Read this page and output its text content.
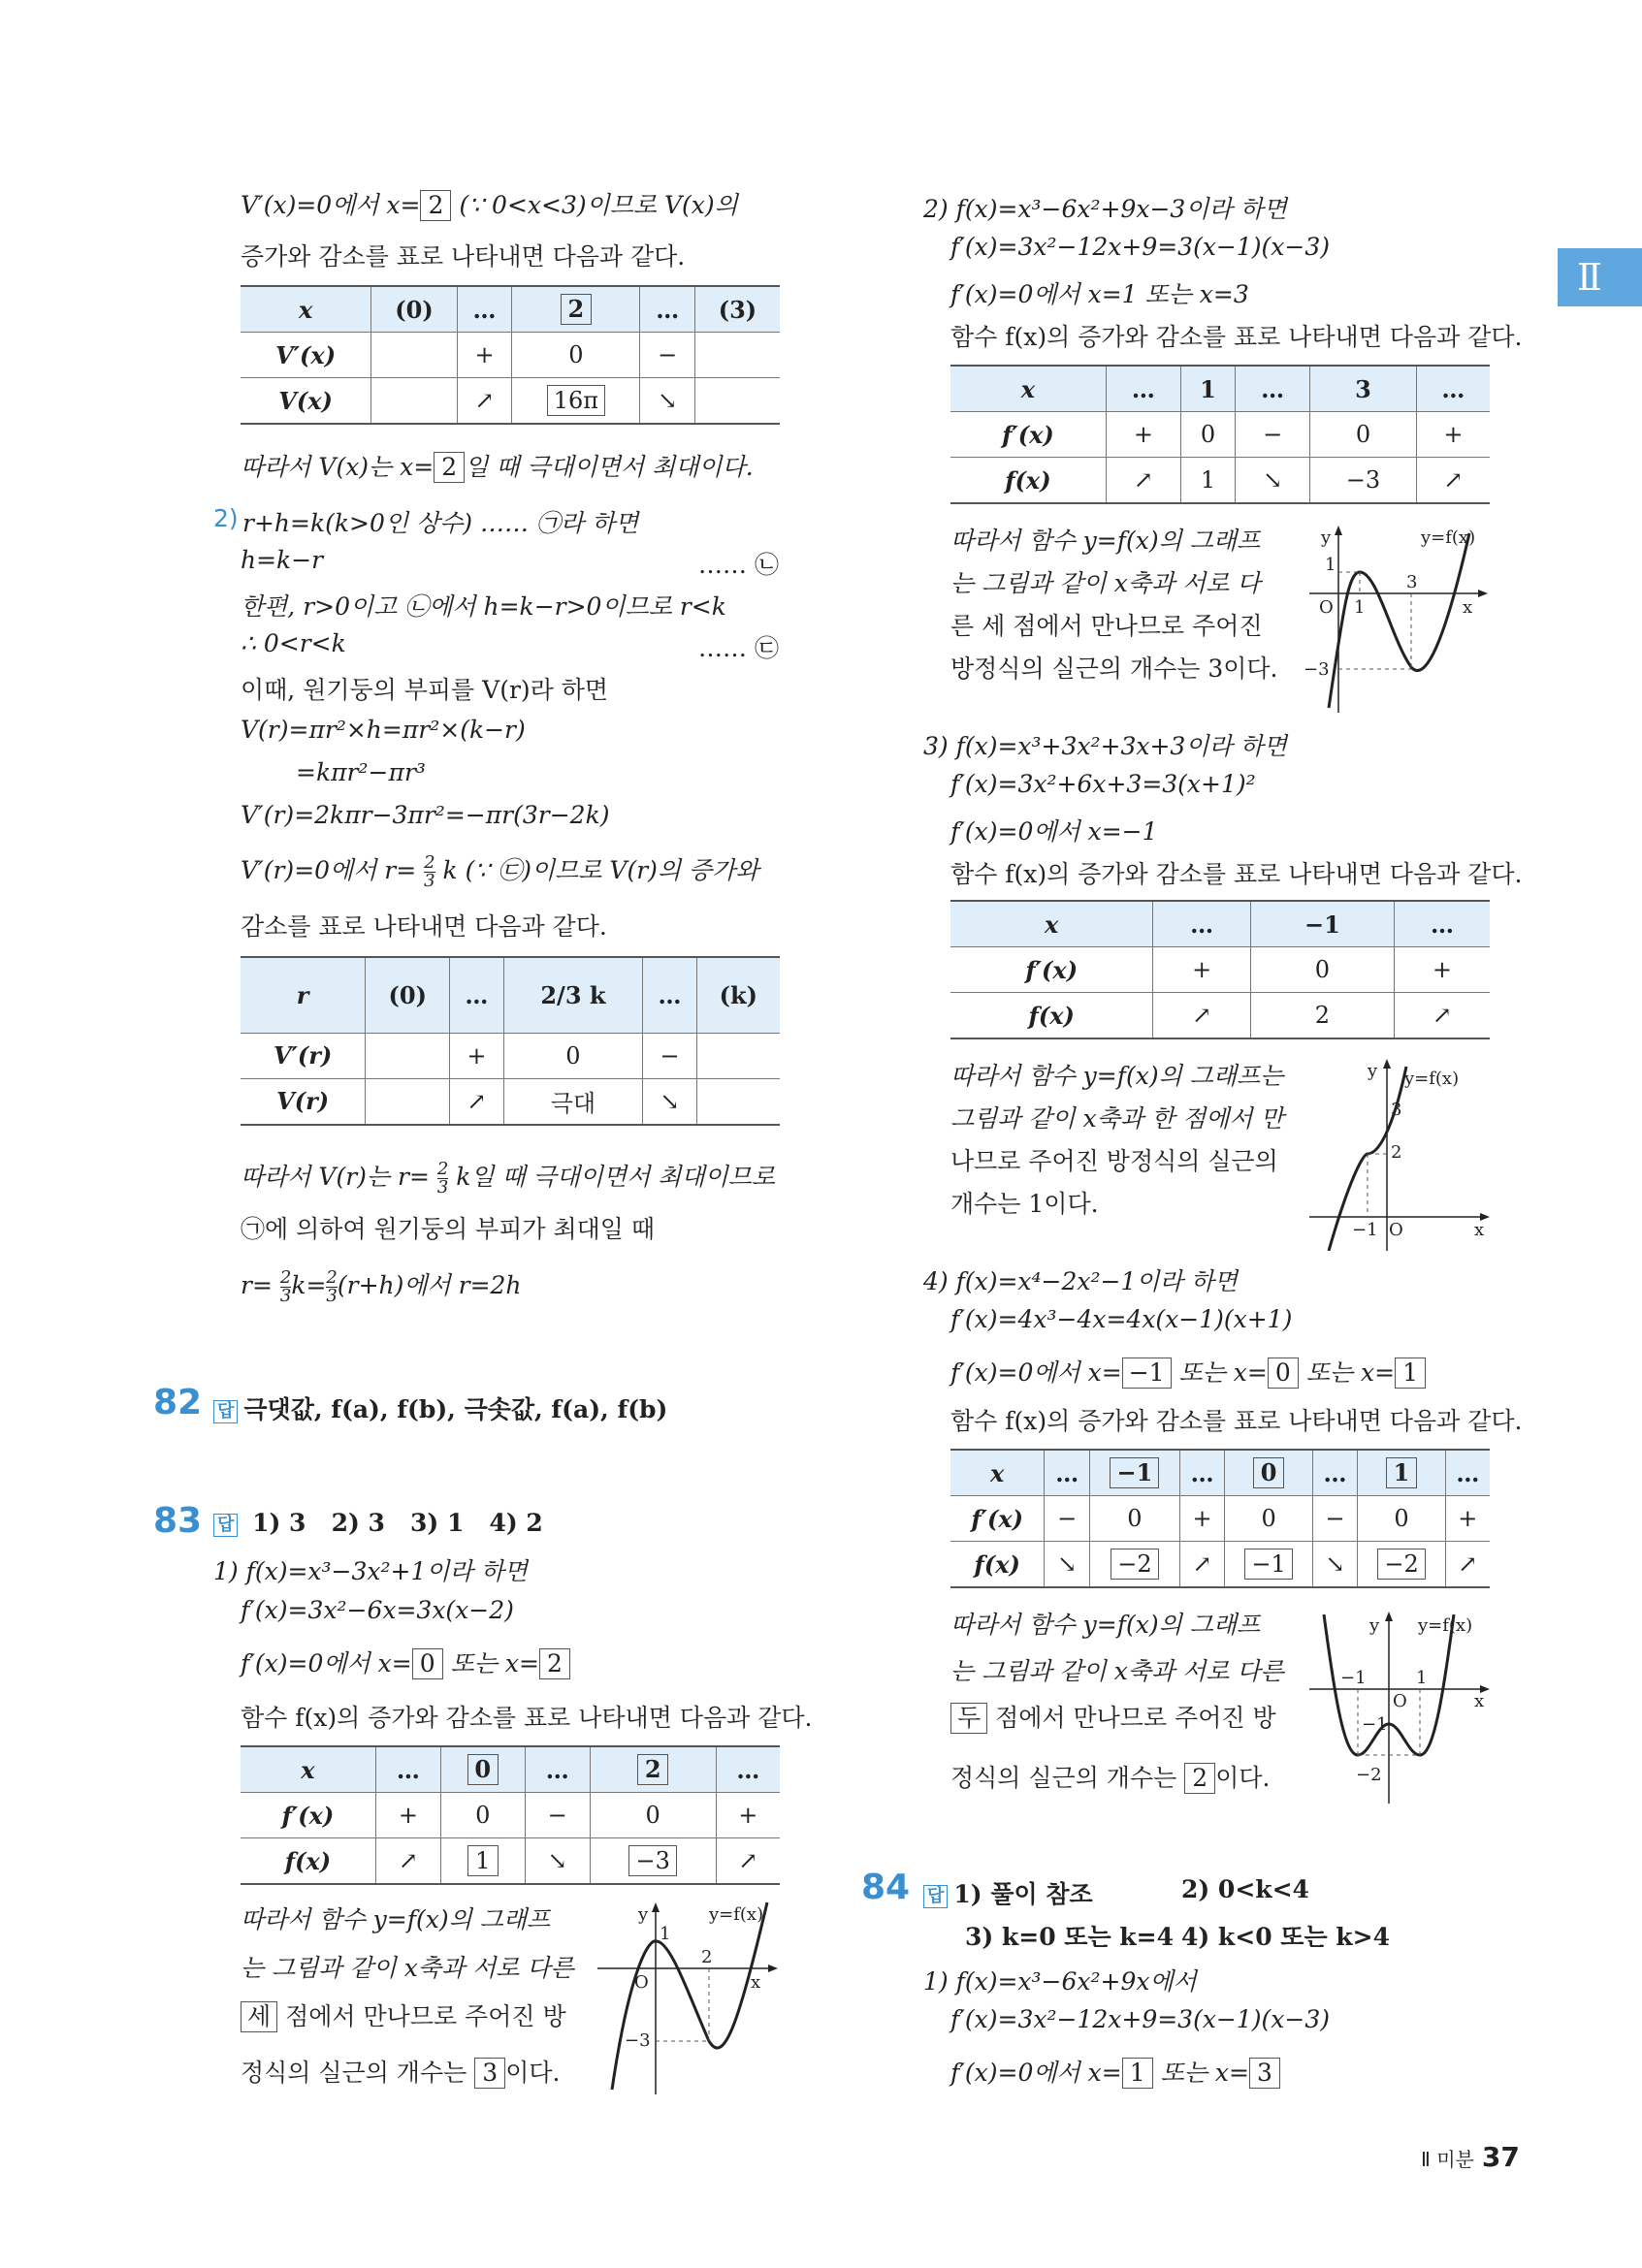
Ⅱ
V′(x)=0에서 x= 2 (∵ 0<x<3)이므로 V(x)의
증가와 감소를 표로 나타내면 다음과 같다.
x	(0)	…	2	…	(3)
V′(x)		+	0	−	
V(x)		↗	16π	↘	
따라서 V(x)는 x= 2 일 때 극대이면서 최대이다.
2) r+h=k(k>0인 상수) …… ㉠라 하면
h=k−r	…… ㉡
한편, r>0이고 ㉡에서 h=k−r>0이므로 r<k
∴ 0<r<k	…… ㉢
이때, 원기둥의 부피를 V(r)라 하면
V(r)=πr²×h=πr²×(k−r)
=kπr²−πr³
V′(r)=2kπr−3πr²=−πr(3r−2k)
V′(r)=0에서 $r= \frac{2}{3}$ k (∵ ㉢)이므로 V(r)의 증가와
감소를 표로 나타내면 다음과 같다.
r	(0)	…	2/3 k	…	(k)
V′(r)		+	0	−	
V(r)		↗	극대	↘	
따라서 V(r)는 $r= \frac{2}{3}$ k일 때 극대이면서 최대이므로
㉠에 의하여 원기둥의 부피가 최대일 때
$r= \frac{2}{3} k= \frac{2}{3} (r+h)$에서 r=2h
82 답 극댓값, f(a), f(b), 극솟값, f(a), f(b)
83 답 1) 3 2) 3 3) 1 4) 2
1) f(x)=x³−3x²+1이라 하면
f′(x)=3x²−6x=3x(x−2)
f′(x)=0에서 x= 0 또는 x= 2
함수 f(x)의 증가와 감소를 표로 나타내면 다음과 같다.
x	…	0	…	2	…
f′(x)	+	0	−	0	+
f(x)	↗	1	↘	−3	↗
따라서 함수 y=f(x)의 그래프
는 그림과 같이 x축과 서로 다른
세 점에서 만나므로 주어진 방
정식의 실근의 개수는 3 이다.
y	y=f(x)
O
1
2
−3
x
2) f(x)=x³−6x²+9x−3이라 하면
f′(x)=3x²−12x+9=3(x−1)(x−3)
f′(x)=0에서 x=1 또는 x=3
함수 f(x)의 증가와 감소를 표로 나타내면 다음과 같다.
x	…	1	…	3	…
f′(x)	+	0	−	0	+
f(x)	↗	1	↘	−3	↗
따라서 함수 y=f(x)의 그래프
는 그림과 같이 x축과 서로 다
른 세 점에서 만나므로 주어진
방정식의 실근의 개수는 3이다.
y	y=f(x)
O
1
1
3
−3
x
3) f(x)=x³+3x²+3x+3이라 하면
f′(x)=3x²+6x+3=3(x+1)²
f′(x)=0에서 x=−1
함수 f(x)의 증가와 감소를 표로 나타내면 다음과 같다.
x	…	−1	…
f′(x)	+	0	+
f(x)	↗	2	↗
따라서 함수 y=f(x)의 그래프는
그림과 같이 x축과 한 점에서 만
나므로 주어진 방정식의 실근의
개수는 1이다.
y y=f(x)
3
2
−1 O	x
4) f(x)=x⁴−2x²−1이라 하면
f′(x)=4x³−4x=4x(x−1)(x+1)
f′(x)=0에서 x= −1 또는 x= 0 또는 x= 1
함수 f(x)의 증가와 감소를 표로 나타내면 다음과 같다.
x	…	−1	…	0	…	1	…
f′(x)	−	0	+	0	−	0	+
f(x)	↘	−2	↗	−1	↘	−2	↗
따라서 함수 y=f(x)의 그래프
는 그림과 같이 x축과 서로 다른
두 점에서 만나므로 주어진 방
정식의 실근의 개수는 2 이다.
y y=f(x)
−1	1
O
−1
−2
x
84 답 1) 풀이 참조	2) 0<k<4
3) k=0 또는 k=4 4) k<0 또는 k>4
1) f(x)=x³−6x²+9x에서
f′(x)=3x²−12x+9=3(x−1)(x−3)
f′(x)=0에서 x= 1 또는 x= 3
Ⅱ 미분 37
